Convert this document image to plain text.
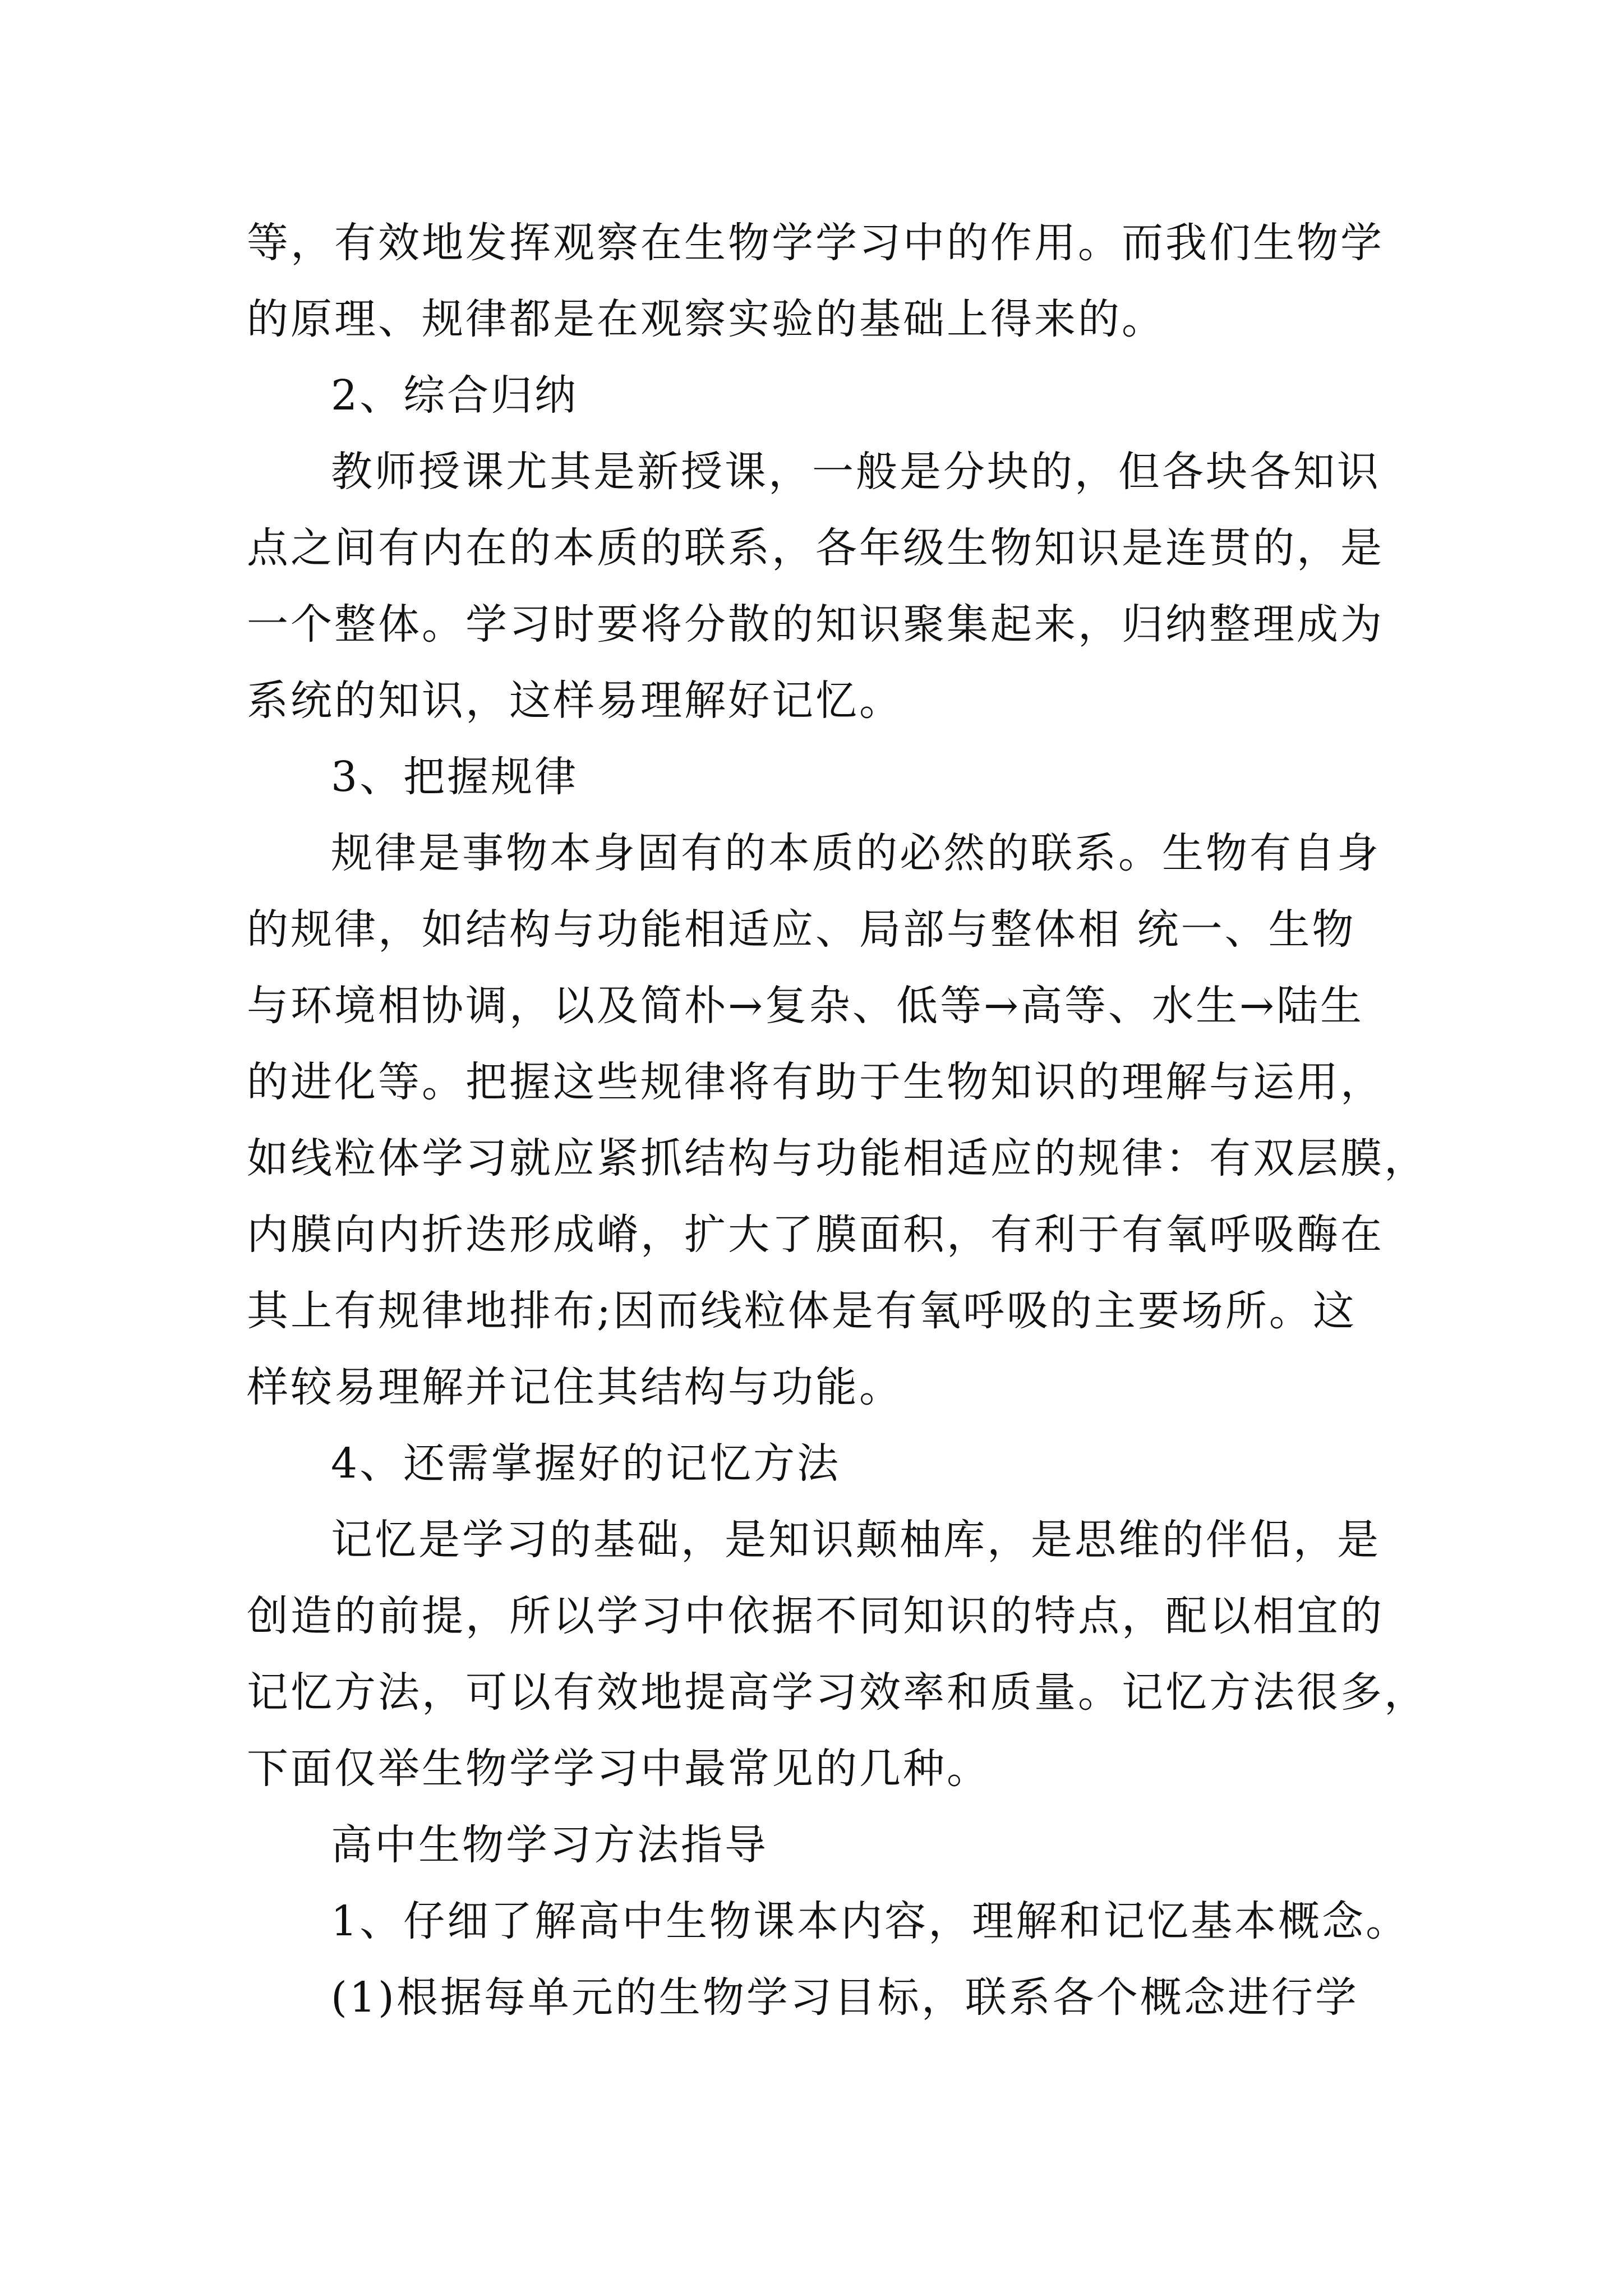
等，有效地发挥观察在生物学学习中的作用。而我们生物学
的原理、规律都是在观察实验的基础上得来的。
2、综合归纳
教师授课尤其是新授课，一般是分块的，但各块各知识
点之间有内在的本质的联系，各年级生物知识是连贯的，是
一个整体。学习时要将分散的知识聚集起来，归纳整理成为
系统的知识，这样易理解好记忆。
3、把握规律
规律是事物本身固有的本质的必然的联系。生物有自身
的规律，如结构与功能相适应、局部与整体相 统一、生物
与环境相协调，以及简朴→复杂、低等→高等、水生→陆生
的进化等。把握这些规律将有助于生物知识的理解与运用，
如线粒体学习就应紧抓结构与功能相适应的规律：有双层膜，
内膜向内折迭形成嵴，扩大了膜面积，有利于有氧呼吸酶在
其上有规律地排布;因而线粒体是有氧呼吸的主要场所。这
样较易理解并记住其结构与功能。
4、还需掌握好的记忆方法
记忆是学习的基础，是知识颠柚库，是思维的伴侣，是
创造的前提，所以学习中依据不同知识的特点，配以相宜的
记忆方法，可以有效地提高学习效率和质量。记忆方法很多，
下面仅举生物学学习中最常见的几种。
高中生物学习方法指导
1、仔细了解高中生物课本内容，理解和记忆基本概念。
(1)根据每单元的生物学习目标，联系各个概念进行学
